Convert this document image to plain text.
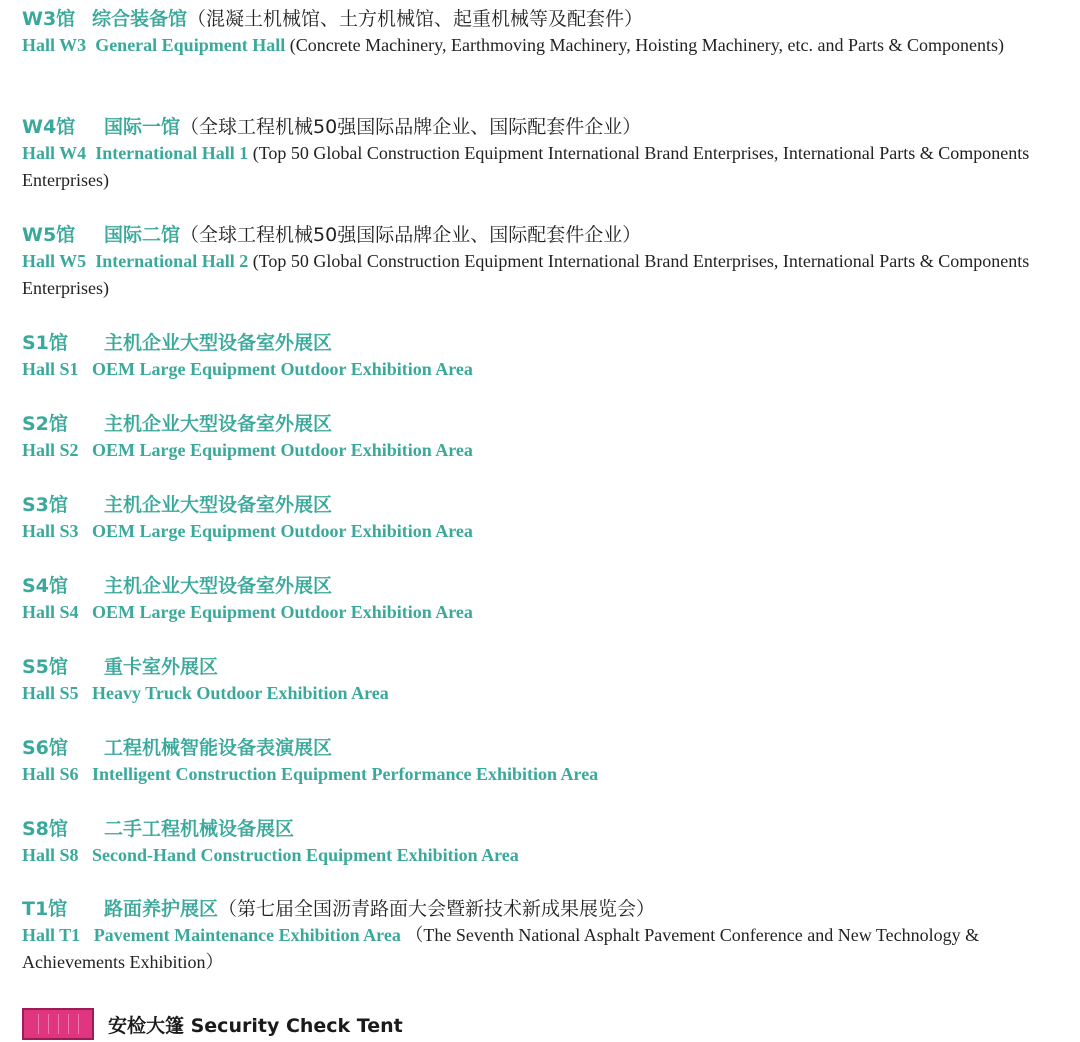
W3馆 综合装备馆（混凝土机械馆、土方机械馆、起重机械等及配套件）
Hall W3 General Equipment Hall (Concrete Machinery, Earthmoving Machinery, Hoisting Machinery, etc. and Parts & Components)
W4馆 国际一馆（全球工程机械50强国际品牌企业、国际配套件企业）
Hall W4 International Hall 1 (Top 50 Global Construction Equipment International Brand Enterprises, International Parts & Components Enterprises)
W5馆 国际二馆（全球工程机械50强国际品牌企业、国际配套件企业）
Hall W5 International Hall 2 (Top 50 Global Construction Equipment International Brand Enterprises, International Parts & Components Enterprises)
S1馆 主机企业大型设备室外展区
Hall S1 OEM Large Equipment Outdoor Exhibition Area
S2馆 主机企业大型设备室外展区
Hall S2 OEM Large Equipment Outdoor Exhibition Area
S3馆 主机企业大型设备室外展区
Hall S3 OEM Large Equipment Outdoor Exhibition Area
S4馆 主机企业大型设备室外展区
Hall S4 OEM Large Equipment Outdoor Exhibition Area
S5馆 重卡室外展区
Hall S5 Heavy Truck Outdoor Exhibition Area
S6馆 工程机械智能设备表演展区
Hall S6 Intelligent Construction Equipment Performance Exhibition Area
S8馆 二手工程机械设备展区
Hall S8 Second-Hand Construction Equipment Exhibition Area
T1馆 路面养护展区（第七届全国沥青路面大会暨新技术新成果展览会）
Hall T1 Pavement Maintenance Exhibition Area （The Seventh National Asphalt Pavement Conference and New Technology & Achievements Exhibition）
安检大篷 Security Check Tent
